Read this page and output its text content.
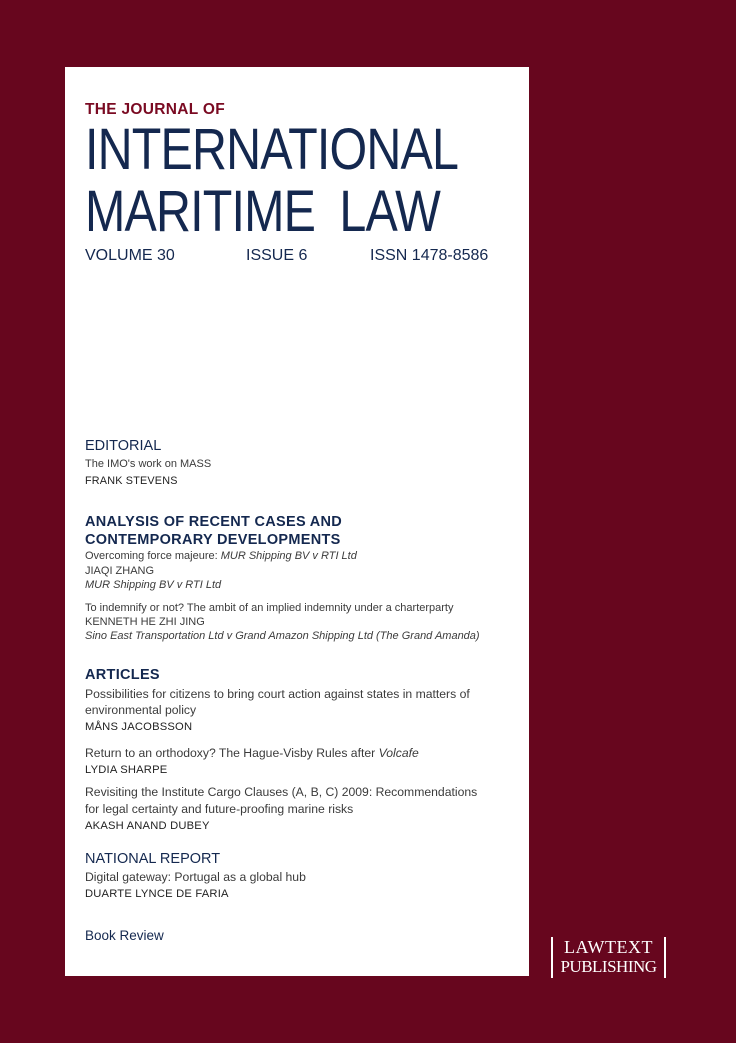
THE JOURNAL OF
INTERNATIONAL
MARITIME LAW
VOLUME 30	ISSUE 6	ISSN 1478-8586
EDITORIAL
The IMO's work on MASS
FRANK STEVENS
ANALYSIS OF RECENT CASES AND
CONTEMPORARY DEVELOPMENTS
Overcoming force majeure: MUR Shipping BV v RTI Ltd
JIAQI ZHANG
MUR Shipping BV v RTI Ltd
To indemnify or not? The ambit of an implied indemnity under a charterparty
KENNETH HE ZHI JING
Sino East Transportation Ltd v Grand Amazon Shipping Ltd (The Grand Amanda)
ARTICLES
Possibilities for citizens to bring court action against states in matters of
environmental policy
MÅNS JACOBSSON
Return to an orthodoxy? The Hague-Visby Rules after Volcafe
LYDIA SHARPE
Revisiting the Institute Cargo Clauses (A, B, C) 2009: Recommendations
for legal certainty and future-proofing marine risks
AKASH ANAND DUBEY
NATIONAL REPORT
Digital gateway: Portugal as a global hub
DUARTE LYNCE DE FARIA
Book Review
LAWTEXT
PUBLISHING
